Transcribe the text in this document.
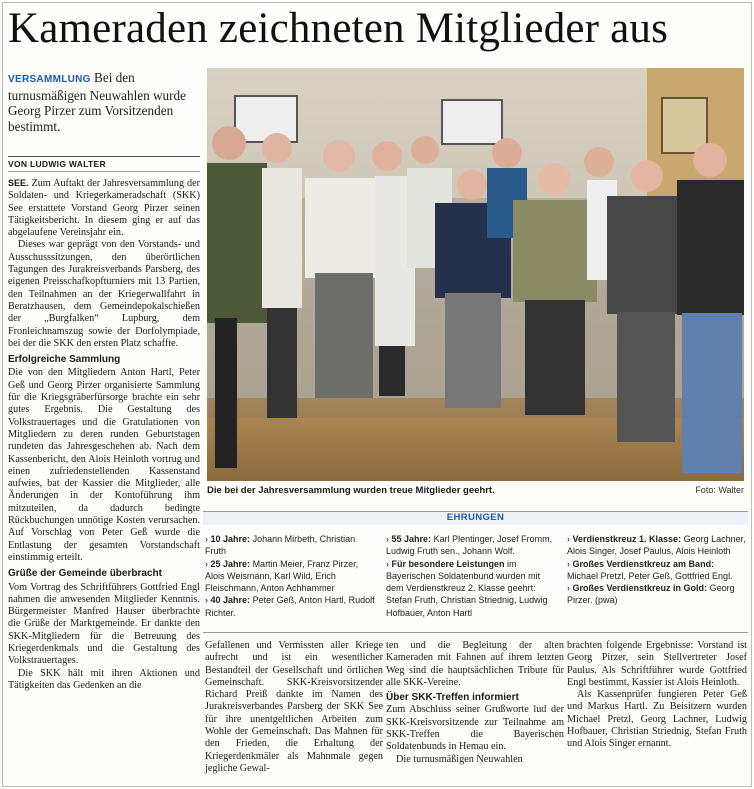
Kameraden zeichneten Mitglieder aus
VERSAMMLUNG Bei den turnusmäßigen Neuwahlen wurde Georg Pirzer zum Vorsitzenden bestimmt.
VON LUDWIG WALTER

SEE. Zum Auftakt der Jahresversammlung der Soldaten- und Kriegerkameradschaft (SKK) See erstattete Vorstand Georg Pirzer seinen Tätigkeitsbericht. In diesem ging er auf das abgelaufene Vereinsjahr ein.

Dieses war geprägt von den Vorstands- und Ausschusssitzungen, den überörtlichen Tagungen des Jurakreisverbands Parsberg, des eigenen Preisschafkopfturniers mit 13 Partien, den Teilnahmen an der Kriegerwallfahrt in Beratzhausen, dem Gemeindepokalschießen der „Burgfalken“ Lupburg, dem Fronleichnamszug sowie der Dorfolympiade, bei der die SKK den ersten Platz schaffte.

Erfolgreiche Sammlung

Die von den Mitgliedern Anton Hartl, Peter Geß und Georg Pirzer organisierte Sammlung für die Kriegsgräberfürsorge brachte ein sehr gutes Ergebnis. Die Gestaltung des Volkstrauertages und die Gratulationen von Mitgliedern zu deren runden Geburtstagen rundeten das Jahresgeschehen ab. Nach dem Kassenbericht, den Alois Heinloth vortrug und einen zufriedenstellenden Kassenstand aufwies, bat der Kassier die Mitglieder, alle Änderungen in der Kontoführung ihm mitzuteilen, da dadurch bedingte Rückbuchungen unnötige Kosten verursachen. Auf Vorschlag von Peter Geß wurde die Entlastung der gesamten Vorstandschaft einstimmig erteilt.

Grüße der Gemeinde überbracht

Vom Vortrag des Schriftführers Gottfried Engl nahmen die anwesenden Mitglieder Kenntnis. Bürgermeister Manfred Hauser überbrachte die Grüße der Marktgemeinde. Er dankte den SKK-Mitgliedern für die Betreuung des Kriegerdenkmals und die Gestaltung des Volkstrauertages.

Die SKK hält mit ihren Aktionen und Tätigkeiten das Gedenken an die

Die bei der Jahresversammlung wurden treue Mitglieder geehrt.	Foto: Walter
EHRUNGEN
› 10 Jahre: Johann Mirbeth, Christian Fruth
› 25 Jahre: Martin Meier, Franz Pirzer, Alois Weismann, Karl Wild, Erich Fleischmann, Anton Achhammer
› 40 Jahre: Peter Geß, Anton Hartl, Rudolf Richter.
› 55 Jahre: Karl Plentinger, Josef Fromm, Ludwig Fruth sen., Johann Wolf.
› Für besondere Leistungen im Bayerischen Soldatenbund wurden mit dem Verdienstkreuz 2. Klasse geehrt: Stefan Fruth, Christian Striednig, Ludwig Hofbauer, Anton Hartl
› Verdienstkreuz 1. Klasse: Georg Lachner, Alois Singer, Josef Paulus, Alois Heinloth
› Großes Verdienstkreuz am Band: Michael Pretzl, Peter Geß, Gottfried Engl.
› Großes Verdienstkreuz in Gold: Georg Pirzer. (pwa)

Gefallenen und Vermissten aller Kriege aufrecht und ist ein wesentlicher Bestandteil der Gesellschaft und örtlichen Gemeinschaft. SKK-Kreisvorsitzender Richard Preiß dankte im Namen des Jurakreisverbandes Parsberg der SKK See für ihre unentgeltlichen Arbeiten zum Wohle der Gemeinschaft. Das Mahnen für den Frieden, die Erhaltung der Kriegerdenkmäler als Mahnmale gegen jegliche Gewal-

ten und die Begleitung der alten Kameraden mit Fahnen auf ihrem letzten Weg sind die hauptsächlichen Tribute für alle SKK-Vereine.

Über SKK-Treffen informiert

Zum Abschluss seiner Grußworte lud der SKK-Kreisvorsitzende zur Teilnahme am SKK-Treffen die Bayerischen Soldatenbunds in Hemau ein.

Die turnusmäßigen Neuwahlen

brachten folgende Ergebnisse: Vorstand ist Georg Pirzer, sein Stellvertreter Josef Paulus. Als Schriftführer wurde Gottfried Engl bestimmt, Kassier ist Alois Heinloth.

Als Kassenprüfer fungieren Peter Geß und Markus Hartl. Zu Beisitzern wurden Michael Pretzl, Georg Lachner, Ludwig Hofbauer, Christian Striednig, Stefan Fruth und Alois Singer ernannt.
